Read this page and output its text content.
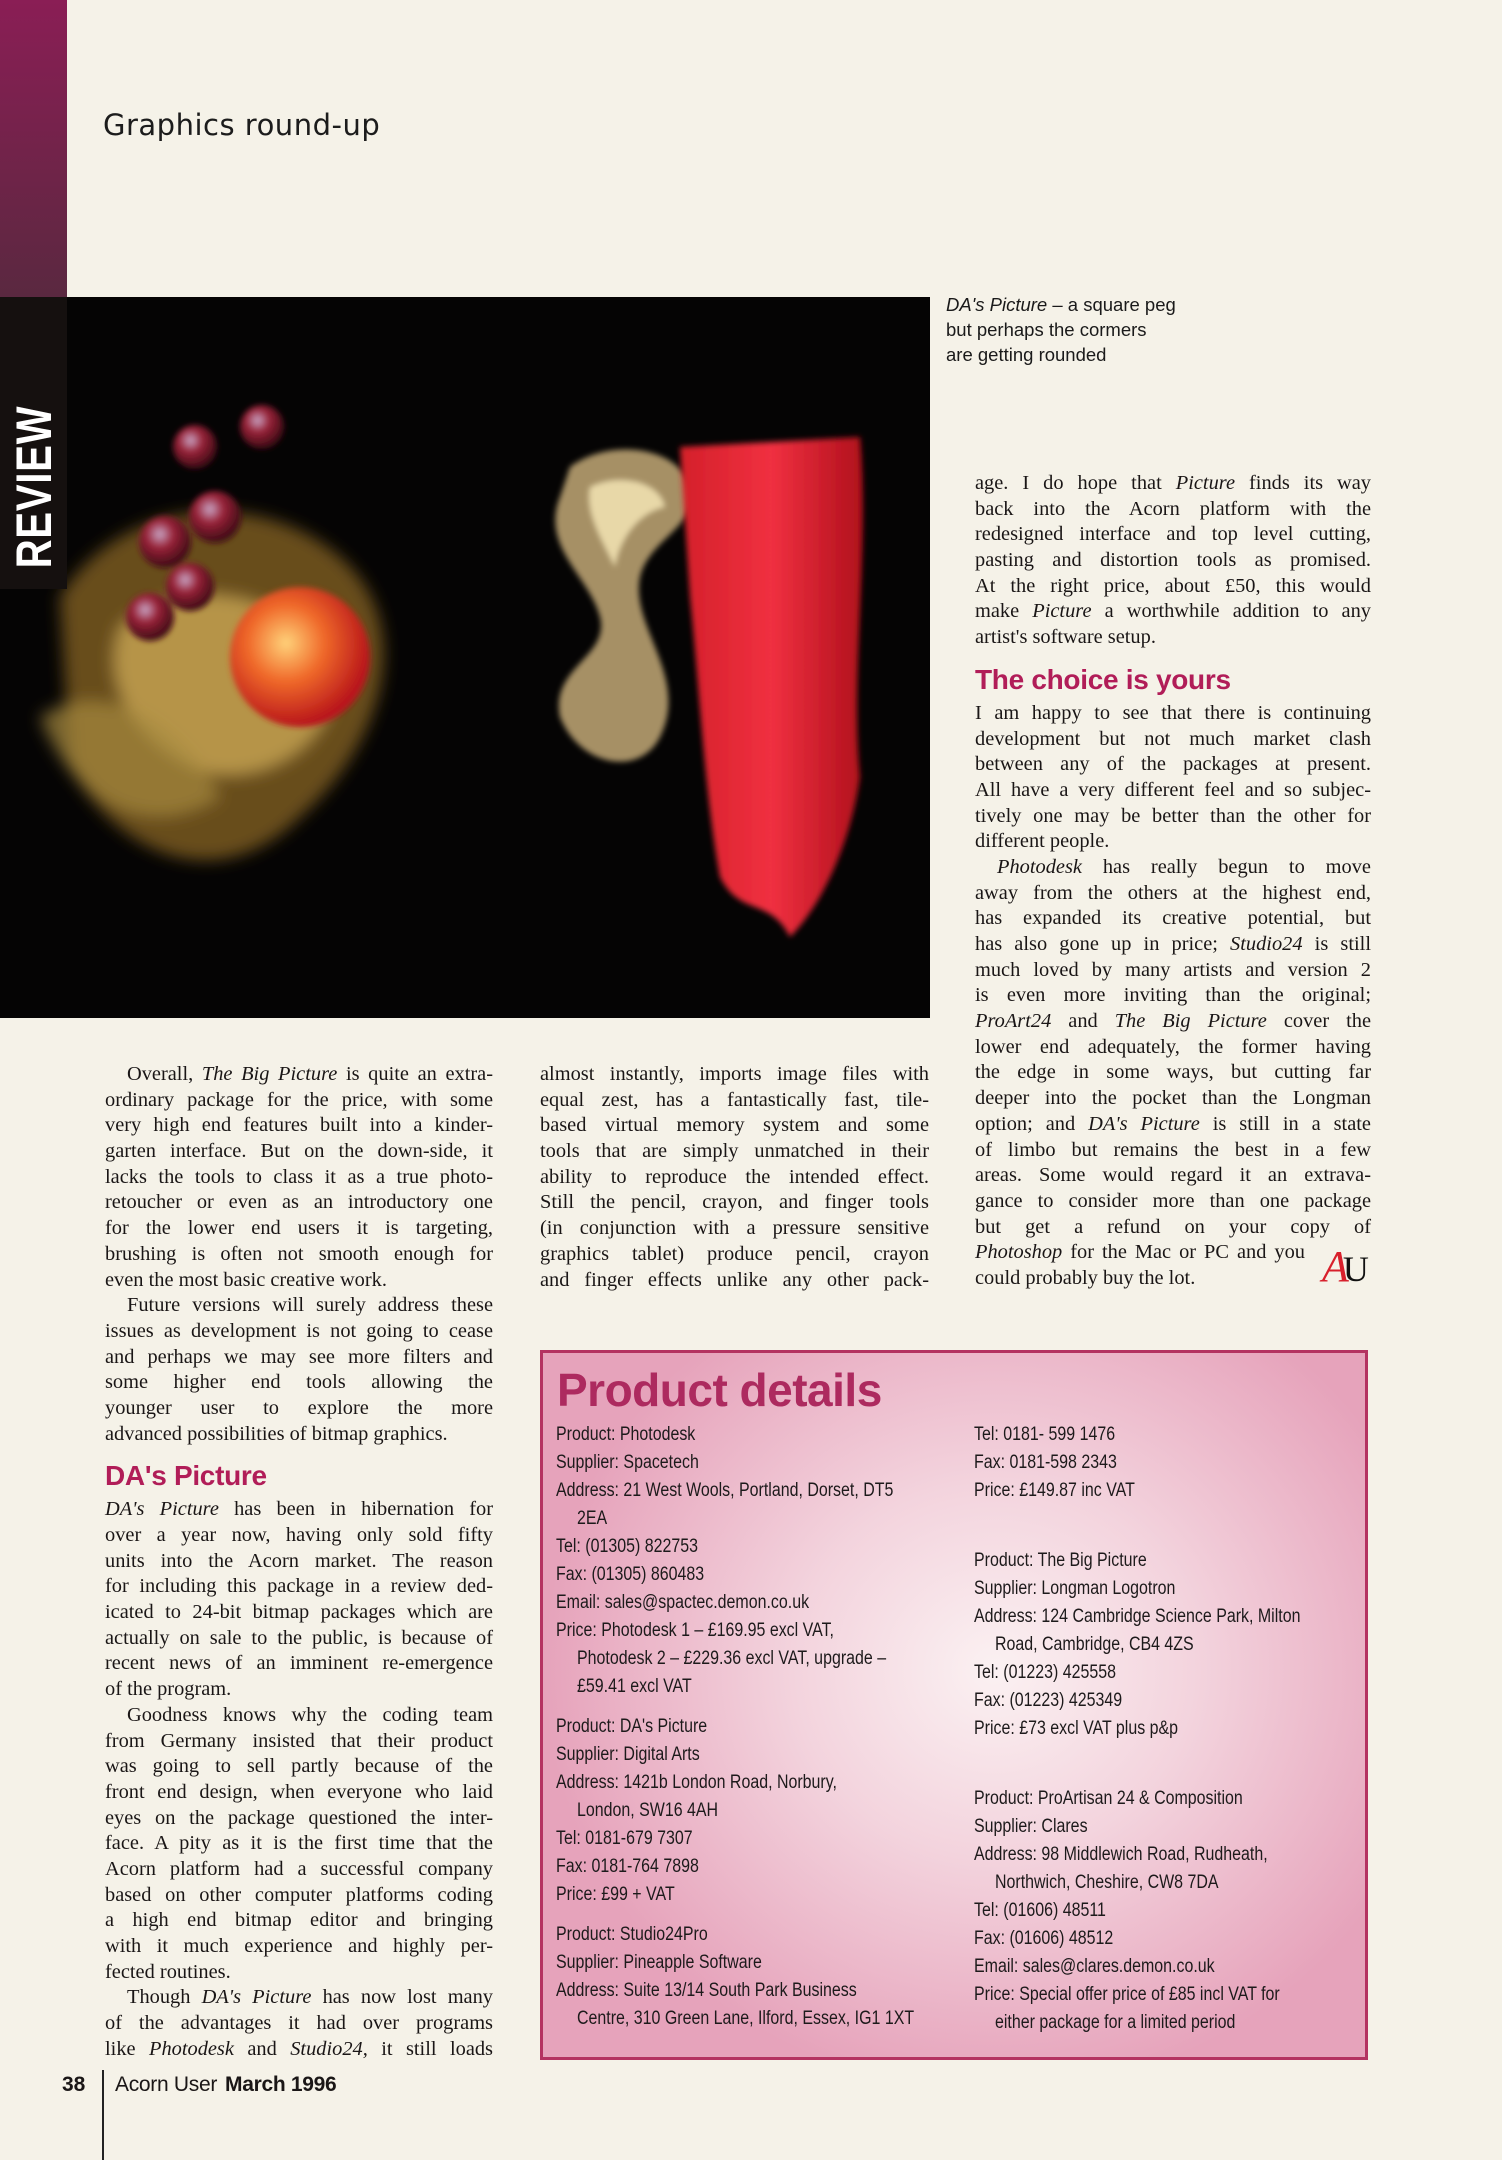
Graphics round-up
REVIEW
DA's Picture – a square peg
but perhaps the cormers
are getting rounded
Overall, The Big Picture is quite an extra-
ordinary package for the price, with some
very high end features built into a kinder-
garten interface. But on the down-side, it
lacks the tools to class it as a true photo-
retoucher or even as an introductory one
for the lower end users it is targeting,
brushing is often not smooth enough for
even the most basic creative work.
Future versions will surely address these
issues as development is not going to cease
and perhaps we may see more filters and
some higher end tools allowing the
younger user to explore the more
advanced possibilities of bitmap graphics.
DA's Picture
DA's Picture has been in hibernation for
over a year now, having only sold fifty
units into the Acorn market. The reason
for including this package in a review ded-
icated to 24-bit bitmap packages which are
actually on sale to the public, is because of
recent news of an imminent re-emergence
of the program.
Goodness knows why the coding team
from Germany insisted that their product
was going to sell partly because of the
front end design, when everyone who laid
eyes on the package questioned the inter-
face. A pity as it is the first time that the
Acorn platform had a successful company
based on other computer platforms coding
a high end bitmap editor and bringing
with it much experience and highly per-
fected routines.
Though DA's Picture has now lost many
of the advantages it had over programs
like Photodesk and Studio24, it still loads
almost instantly, imports image files with
equal zest, has a fantastically fast, tile-
based virtual memory system and some
tools that are simply unmatched in their
ability to reproduce the intended effect.
Still the pencil, crayon, and finger tools
(in conjunction with a pressure sensitive
graphics tablet) produce pencil, crayon
and finger effects unlike any other pack-
age. I do hope that Picture finds its way
back into the Acorn platform with the
redesigned interface and top level cutting,
pasting and distortion tools as promised.
At the right price, about £50, this would
make Picture a worthwhile addition to any
artist's software setup.
The choice is yours
I am happy to see that there is continuing
development but not much market clash
between any of the packages at present.
All have a very different feel and so subjec-
tively one may be better than the other for
different people.
Photodesk has really begun to move
away from the others at the highest end,
has expanded its creative potential, but
has also gone up in price; Studio24 is still
much loved by many artists and version 2
is even more inviting than the original;
ProArt24 and The Big Picture cover the
lower end adequately, the former having
the edge in some ways, but cutting far
deeper into the pocket than the Longman
option; and DA's Picture is still in a state
of limbo but remains the best in a few
areas. Some would regard it an extrava-
gance to consider more than one package
but get a refund on your copy of
Photoshop for the Mac or PC and you
could probably buy the lot.	AU
Product details
Product: Photodesk
Supplier: Spacetech
Address: 21 West Wools, Portland, Dorset, DT5
2EA
Tel: (01305) 822753
Fax: (01305) 860483
Email: sales@spactec.demon.co.uk
Price: Photodesk 1 – £169.95 excl VAT,
Photodesk 2 – £229.36 excl VAT, upgrade –
£59.41 excl VAT
Product: DA's Picture
Supplier: Digital Arts
Address: 1421b London Road, Norbury,
London, SW16 4AH
Tel: 0181-679 7307
Fax: 0181-764 7898
Price: £99 + VAT
Product: Studio24Pro
Supplier: Pineapple Software
Address: Suite 13/14 South Park Business
Centre, 310 Green Lane, Ilford, Essex, IG1 1XT
Tel: 0181- 599 1476
Fax: 0181-598 2343
Price: £149.87 inc VAT
Product: The Big Picture
Supplier: Longman Logotron
Address: 124 Cambridge Science Park, Milton
Road, Cambridge, CB4 4ZS
Tel: (01223) 425558
Fax: (01223) 425349
Price: £73 excl VAT plus p&p
Product: ProArtisan 24 & Composition
Supplier: Clares
Address: 98 Middlewich Road, Rudheath,
Northwich, Cheshire, CW8 7DA
Tel: (01606) 48511
Fax: (01606) 48512
Email: sales@clares.demon.co.uk
Price: Special offer price of £85 incl VAT for
either package for a limited period
38 Acorn User March 1996
